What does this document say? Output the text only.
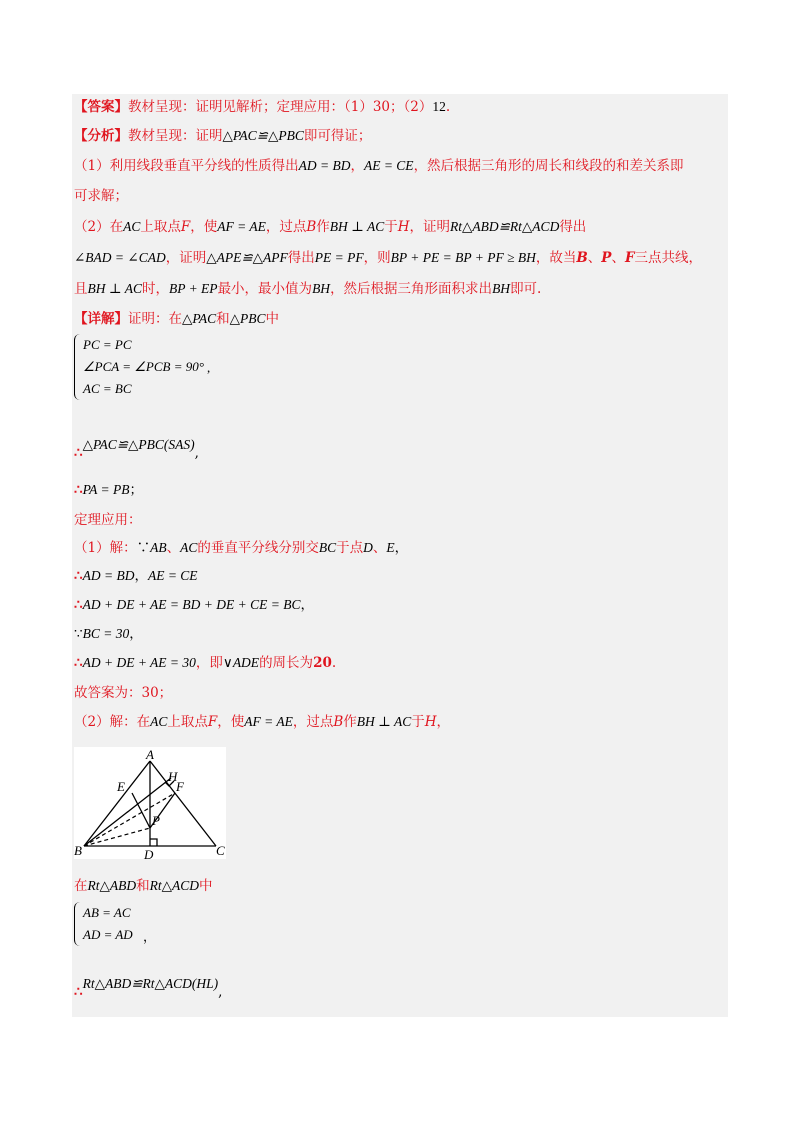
【答案】教材呈现：证明见解析；定理应用：（1）30；（2）12.
【分析】教材呈现：证明△PAC≌△PBC即可得证；
（1）利用线段垂直平分线的性质得出AD = BD，AE = CE，然后根据三角形的周长和线段的和差关系即
可求解；
（2）在AC上取点F，使AF = AE，过点B作BH ⊥ AC于H，证明Rt△ABD≌Rt△ACD得出
∠BAD = ∠CAD，证明△APE≌△APF得出PE = PF，则BP + PE = BP + PF ≥ BH，故当B、P、F三点共线，
且BH ⊥ AC时，BP + EP最小，最小值为BH，然后根据三角形面积求出BH即可.
【详解】证明：在△PAC和△PBC中
PC = PC
∠PCA = ∠PCB = 90°
AC = BC
,
∴△PAC≌△PBC(SAS),
∴PA = PB；
定理应用：
（1）解：∵AB、AC的垂直平分线分别交BC于点D、E，
∴AD = BD，AE = CE
∴AD + DE + AE = BD + DE + CE = BC，
∵BC = 30，
∴AD + DE + AE = 30，即∨ADE的周长为20.
故答案为：30；
（2）解：在AC上取点F，使AF = AE，过点B作BH ⊥ AC于H，
A
B	C
D
E	F
H
P
在Rt△ABD和Rt△ACD中
AB = AC
AD = AD ，
∴Rt△ABD≌Rt△ACD(HL),
